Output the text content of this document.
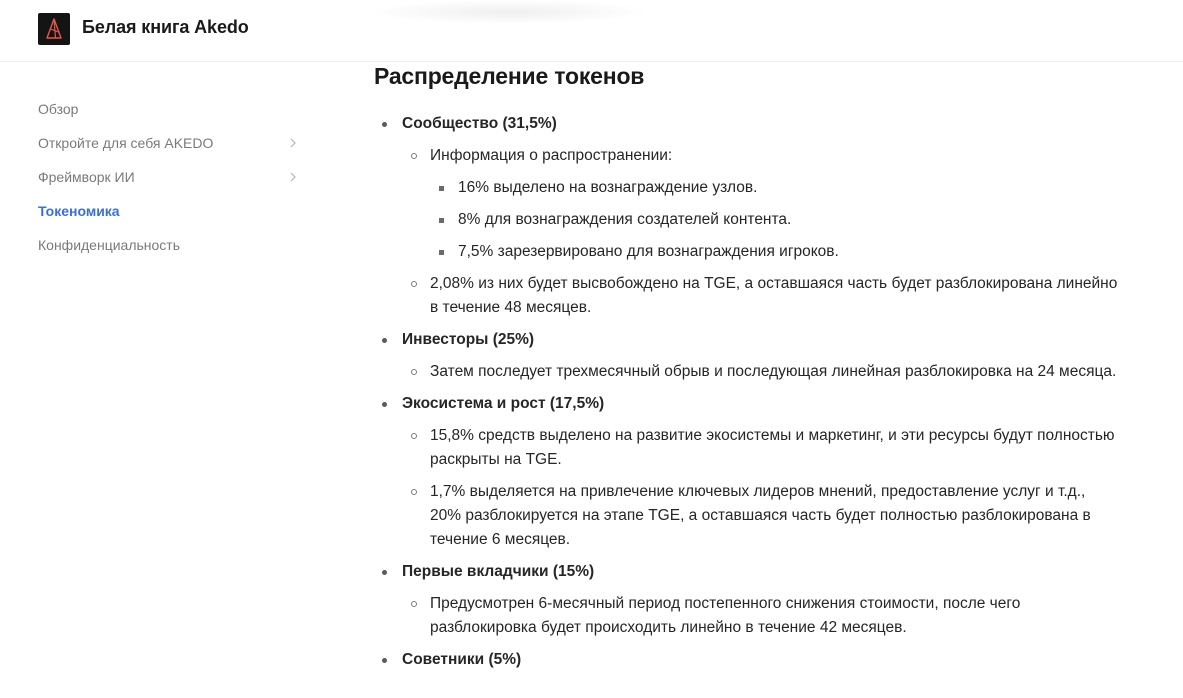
Белая книга Akedo
Обзор
Откройте для себя AKEDO
Фреймворк ИИ
Токеномика
Конфиденциальность
Распределение токенов
Сообщество (31,5%)
Информация о распространении:
16% выделено на вознаграждение узлов.
8% для вознаграждения создателей контента.
7,5% зарезервировано для вознаграждения игроков.
2,08% из них будет высвобождено на TGE, а оставшаяся часть будет разблокирована линейно в течение 48 месяцев.
Инвесторы (25%)
Затем последует трехмесячный обрыв и последующая линейная разблокировка на 24 месяца.
Экосистема и рост (17,5%)
15,8% средств выделено на развитие экосистемы и маркетинг, и эти ресурсы будут полностью раскрыты на TGE.
1,7% выделяется на привлечение ключевых лидеров мнений, предоставление услуг и т.д., 20% разблокируется на этапе TGE, а оставшаяся часть будет полностью разблокирована в течение 6 месяцев.
Первые вкладчики (15%)
Предусмотрен 6-месячный период постепенного снижения стоимости, после чего разблокировка будет происходить линейно в течение 42 месяцев.
Советники (5%)
